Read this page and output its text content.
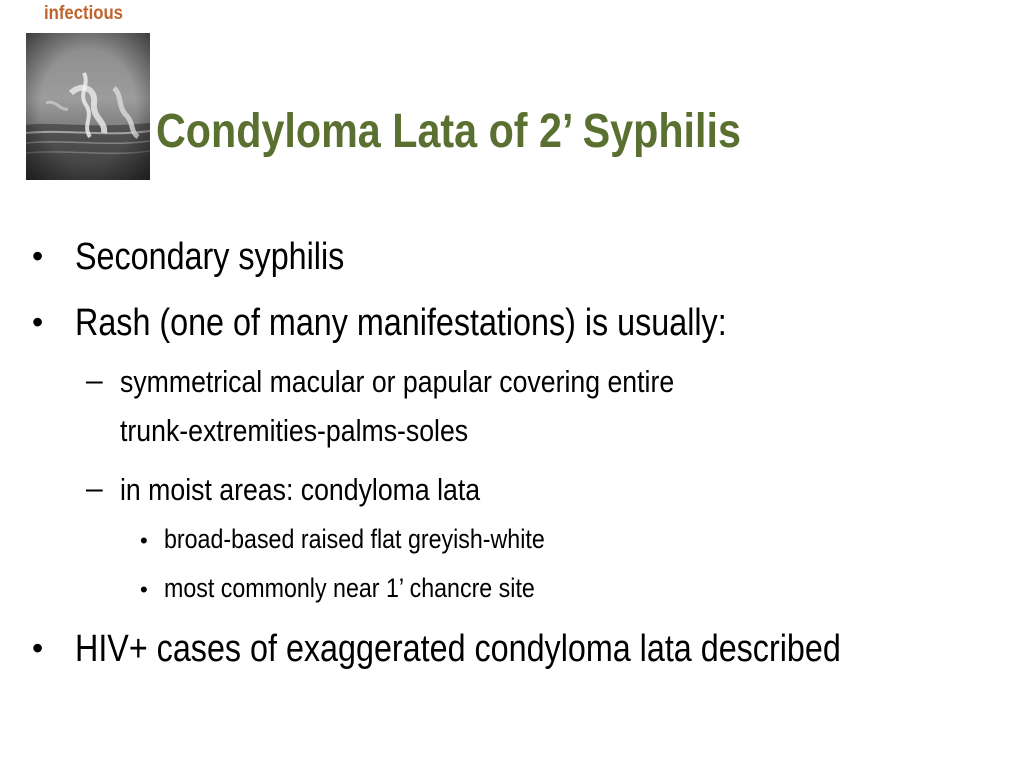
infectious
Condyloma Lata of 2’ Syphilis
• Secondary syphilis
• Rash (one of many manifestations) is usually:
– symmetrical macular or papular covering entire
trunk-extremities-palms-soles
– in moist areas: condyloma lata
• broad-based raised flat greyish-white
• most commonly near 1’ chancre site
• HIV+ cases of exaggerated condyloma lata described
